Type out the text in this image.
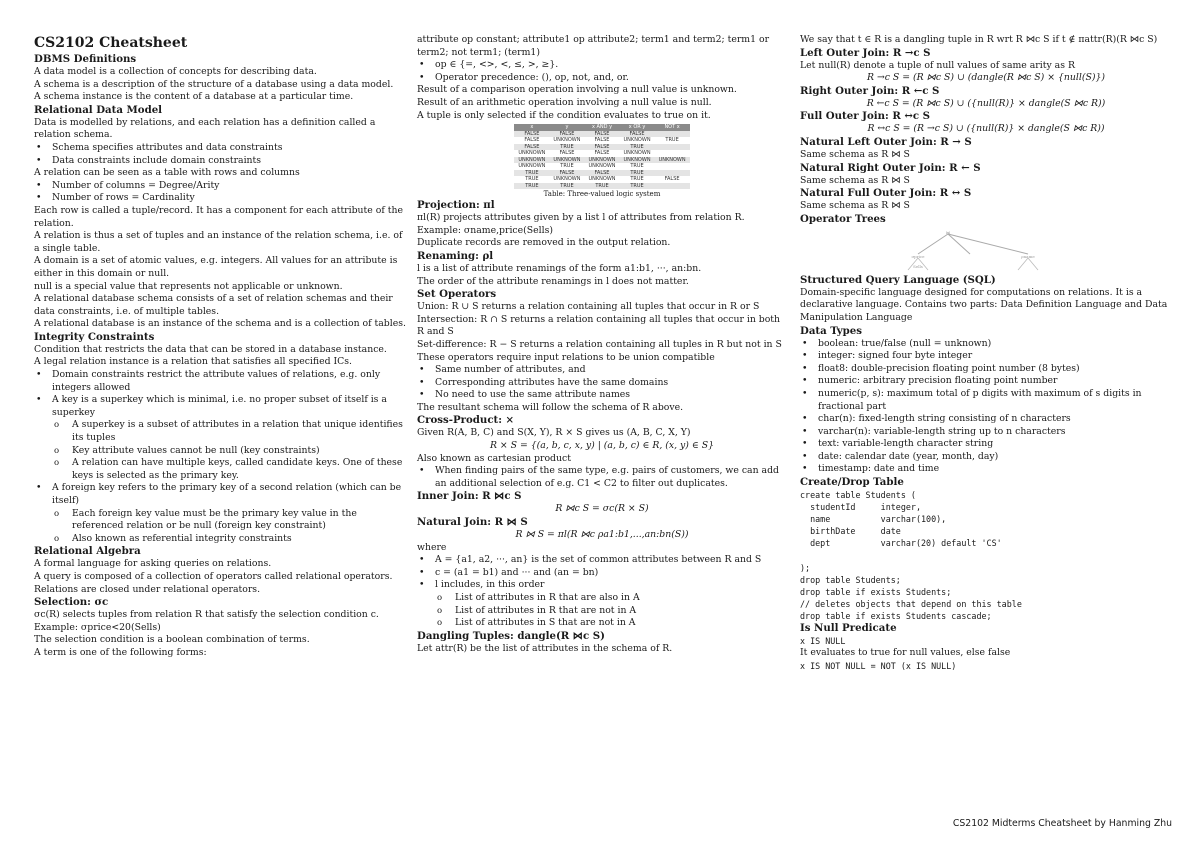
CS2102 Cheatsheet

DBMS Definitions

A data model is a collection of concepts for describing data.

A schema is a description of the structure of a database using a data model.

A schema instance is the content of a database at a particular time.

Relational Data Model

Data is modelled by relations, and each relation has a definition called a relation schema.

• Schema specifies attributes and data constraints

• Data constraints include domain constraints

A relation can be seen as a table with rows and columns

• Number of columns = Degree/Arity

• Number of rows = Cardinality

Each row is called a tuple/record. It has a component for each attribute of the relation.

A relation is thus a set of tuples and an instance of the relation schema, i.e. of a single table.

A domain is a set of atomic values, e.g. integers. All values for an attribute is either in this domain or null.

null is a special value that represents not applicable or unknown.

A relational database schema consists of a set of relation schemas and their data constraints, i.e. of multiple tables.

A relational database is an instance of the schema and is a collection of tables.

Integrity Constraints

Condition that restricts the data that can be stored in a database instance.

A legal relation instance is a relation that satisfies all specified ICs.

• Domain constraints restrict the attribute values of relations, e.g. only integers allowed

• A key is a superkey which is minimal, i.e. no proper subset of itself is a superkey

o A superkey is a subset of attributes in a relation that unique identifies its tuples

o Key attribute values cannot be null (key constraints)

o A relation can have multiple keys, called candidate keys. One of these keys is selected as the primary key.

• A foreign key refers to the primary key of a second relation (which can be itself)

o Each foreign key value must be the primary key value in the referenced relation or be null (foreign key constraint)

o Also known as referential integrity constraints

Relational Algebra

A formal language for asking queries on relations.

A query is composed of a collection of operators called relational operators. Relations are closed under relational operators.

Selection: σc

σc(R) selects tuples from relation R that satisfy the selection condition c.

Example: σprice<20(Sells)

The selection condition is a boolean combination of terms.

A term is one of the following forms:

attribute op constant; attribute1 op attribute2; term1 and term2; term1 or term2; not term1; (term1)

• op ∈ {=, <>, <, ≤, >, ≥}.

• Operator precedence: (), op, not, and, or.

Result of a comparison operation involving a null value is unknown.

Result of an arithmetic operation involving a null value is null.

A tuple is only selected if the condition evaluates to true on it.

x	y	x AND y	x OR y	NOT x
FALSE	FALSE	FALSE	FALSE	
FALSE	UNKNOWN	FALSE	UNKNOWN	TRUE
FALSE	TRUE	FALSE	TRUE	
UNKNOWN	FALSE	FALSE	UNKNOWN	
UNKNOWN	UNKNOWN	UNKNOWN	UNKNOWN	UNKNOWN
UNKNOWN	TRUE	UNKNOWN	TRUE	
TRUE	FALSE	FALSE	TRUE	
TRUE	UNKNOWN	UNKNOWN	TRUE	FALSE
TRUE	TRUE	TRUE	TRUE	
Table: Three-valued logic system

Projection: πl

πl(R) projects attributes given by a list l of attributes from relation R.

Example: σname,price(Sells)

Duplicate records are removed in the output relation.

Renaming: ρl

l is a list of attribute renamings of the form a1:b1, ···, an:bn.

The order of the attribute renamings in l does not matter.

Set Operators

Union: R ∪ S returns a relation containing all tuples that occur in R or S

Intersection: R ∩ S returns a relation containing all tuples that occur in both R and S

Set-difference: R − S returns a relation containing all tuples in R but not in S

These operators require input relations to be union compatible

• Same number of attributes, and

• Corresponding attributes have the same domains

• No need to use the same attribute names

The resultant schema will follow the schema of R above.

Cross-Product: ×

Given R(A, B, C) and S(X, Y), R × S gives us (A, B, C, X, Y)

R × S = {(a, b, c, x, y) | (a, b, c) ∈ R, (x, y) ∈ S}

Also known as cartesian product

• When finding pairs of the same type, e.g. pairs of customers, we can add an additional selection of e.g. C1 < C2 to filter out duplicates.

Inner Join: R ⋈c S

R ⋈c S = σc(R × S)

Natural Join: R ⋈ S

R ⋈ S = πl(R ⋈c ρa1:b1,...,an:bn(S))

where

• A = {a1, a2, ···, an} is the set of common attributes between R and S

• c = (a1 = b1) and ··· and (an = bn)

• l includes, in this order

o List of attributes in R that are also in A

o List of attributes in R that are not in A

o List of attributes in S that are not in A

Dangling Tuples: dangle(R ⋈c S)

Let attr(R) be the list of attributes in the schema of R.

We say that t ∈ R is a dangling tuple in R wrt R ⋈c S if t ∉ πattr(R)(R ⋈c S)

Left Outer Join: R →c S

Let null(R) denote a tuple of null values of same arity as R

R →c S = (R ⋈c S) ∪ (dangle(R ⋈c S) × {null(S)})

Right Outer Join: R ←c S

R ←c S = (R ⋈c S) ∪ ({null(R)} × dangle(S ⋈c R))

Full Outer Join: R ↔c S

R ↔c S = (R →c S) ∪ ({null(R)} × dangle(S ⋈c R))

Natural Left Outer Join: R → S

Same schema as R ⋈ S

Natural Right Outer Join: R ← S

Same schema as R ⋈ S

Natural Full Outer Join: R ↔ S

Same schema as R ⋈ S

Operator Trees

⋈
σprice
Sells
ρname

Structured Query Language (SQL)

Domain-specific language designed for computations on relations. It is a declarative language. Contains two parts: Data Definition Language and Data Manipulation Language

Data Types

• boolean: true/false (null = unknown)

• integer: signed four byte integer

• float8: double-precision floating point number (8 bytes)

• numeric: arbitrary precision floating point number

• numeric(p, s): maximum total of p digits with maximum of s digits in fractional part

• char(n): fixed-length string consisting of n characters

• varchar(n): variable-length string up to n characters

• text: variable-length character string

• date: calendar date (year, month, day)

• timestamp: date and time

Create/Drop Table

create table Students (
studentId     integer,
name          varchar(100),
birthDate     date
dept          varchar(20) default 'CS'

);
drop table Students;
drop table if exists Students;
// deletes objects that depend on this table
drop table if exists Students cascade;

Is Null Predicate

x IS NULL

It evaluates to true for null values, else false

x IS NOT NULL = NOT (x IS NULL)
CS2102 Midterms Cheatsheet by Hanming Zhu
